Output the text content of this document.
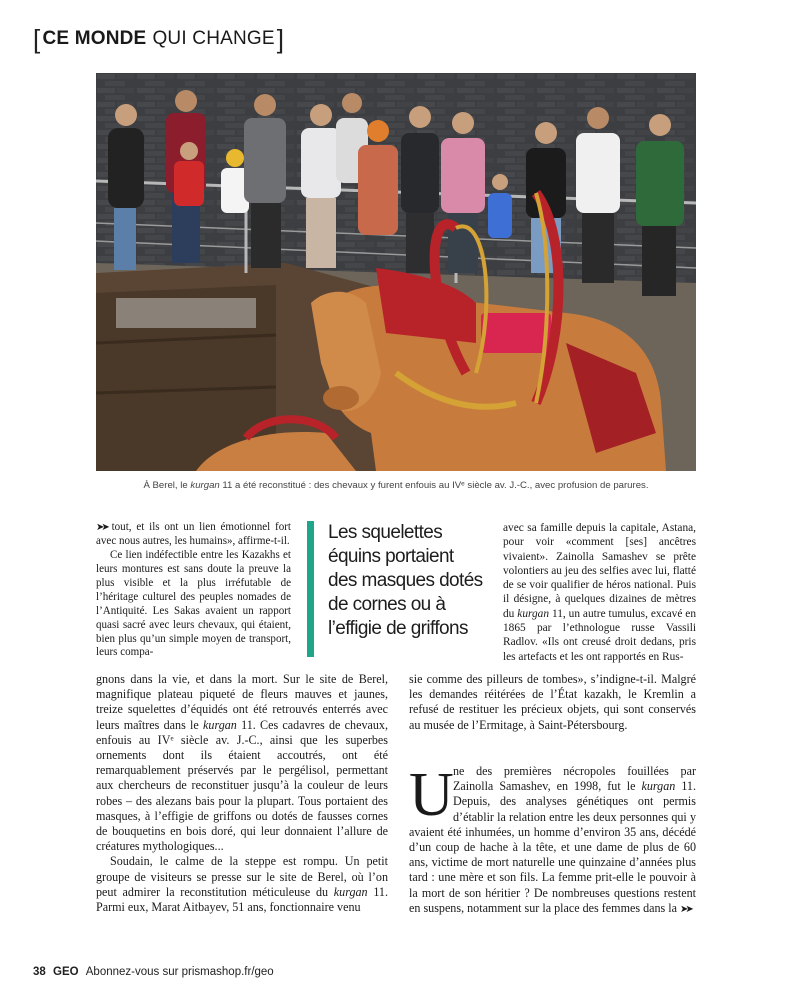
[ CE MONDE QUI CHANGE ]
À Berel, le kurgan 11 a été reconstitué : des chevaux y furent enfouis au IVᵉ siècle av. J.-C., avec profusion de parures.

➤➤ tout, et ils ont un lien émotionnel fort avec nous autres, les humains», affirme-t-il.

Ce lien indéfectible entre les Kazakhs et leurs montures est sans doute la preuve la plus visible et la plus irréfutable de l’héritage culturel des peuples nomades de l’Antiquité. Les Sakas avaient un rapport quasi sacré avec leurs chevaux, qui étaient, bien plus qu’un simple moyen de transport, leurs compa-

gnons dans la vie, et dans la mort. Sur le site de Berel, magnifique plateau piqueté de fleurs mauves et jaunes, treize squelettes d’équidés ont été retrouvés enterrés avec leurs maîtres dans le kurgan 11. Ces cadavres de chevaux, enfouis au IVᵉ siècle av. J.-C., ainsi que les superbes ornements dont ils étaient accoutrés, ont été remarquablement préservés par le pergélisol, permettant aux chercheurs de reconstituer jusqu’à la couleur de leurs robes – des alezans bais pour la plupart. Tous portaient des masques, à l’effigie de griffons ou dotés de fausses cornes de bouquetins en bois doré, qui leur donnaient l’allure de créatures mythologiques...

Soudain, le calme de la steppe est rompu. Un petit groupe de visiteurs se presse sur le site de Berel, où l’on peut admirer la reconstitution méticuleuse du kurgan 11. Parmi eux, Marat Aitbayev, 51 ans, fonctionnaire venu

Les squelettes équins portaient des masques dotés de cornes ou à l’effigie de griffons

avec sa famille depuis la capitale, Astana, pour voir «comment [ses] ancêtres vivaient». Zainolla Samashev se prête volontiers au jeu des selfies avec lui, flatté de se voir qualifier de héros national. Puis il désigne, à quelques dizaines de mètres du kurgan 11, un autre tumulus, excavé en 1865 par l’ethnologue russe Vassili Radlov. «Ils ont creusé droit dedans, pris les artefacts et les ont rapportés en Rus-

sie comme des pilleurs de tombes», s’indigne-t-il. Malgré les demandes réitérées de l’État kazakh, le Kremlin a refusé de restituer les précieux objets, qui sont conservés au musée de l’Ermitage, à Saint-Pétersbourg.

U ne des premières nécropoles fouillées par Zainolla Samashev, en 1998, fut le kurgan 11. Depuis, des analyses génétiques ont permis d’établir la relation entre les deux personnes qui y avaient été inhumées, un homme d’environ 35 ans, décédé d’un coup de hache à la tête, et une dame de plus de 60 ans, victime de mort naturelle une quinzaine d’années plus tard : une mère et son fils. La femme prit-elle le pouvoir à la mort de son héritier ? De nombreuses questions restent en suspens, notamment sur la place des femmes dans la ➤➤

38 GEO Abonnez-vous sur prismashop.fr/geo
